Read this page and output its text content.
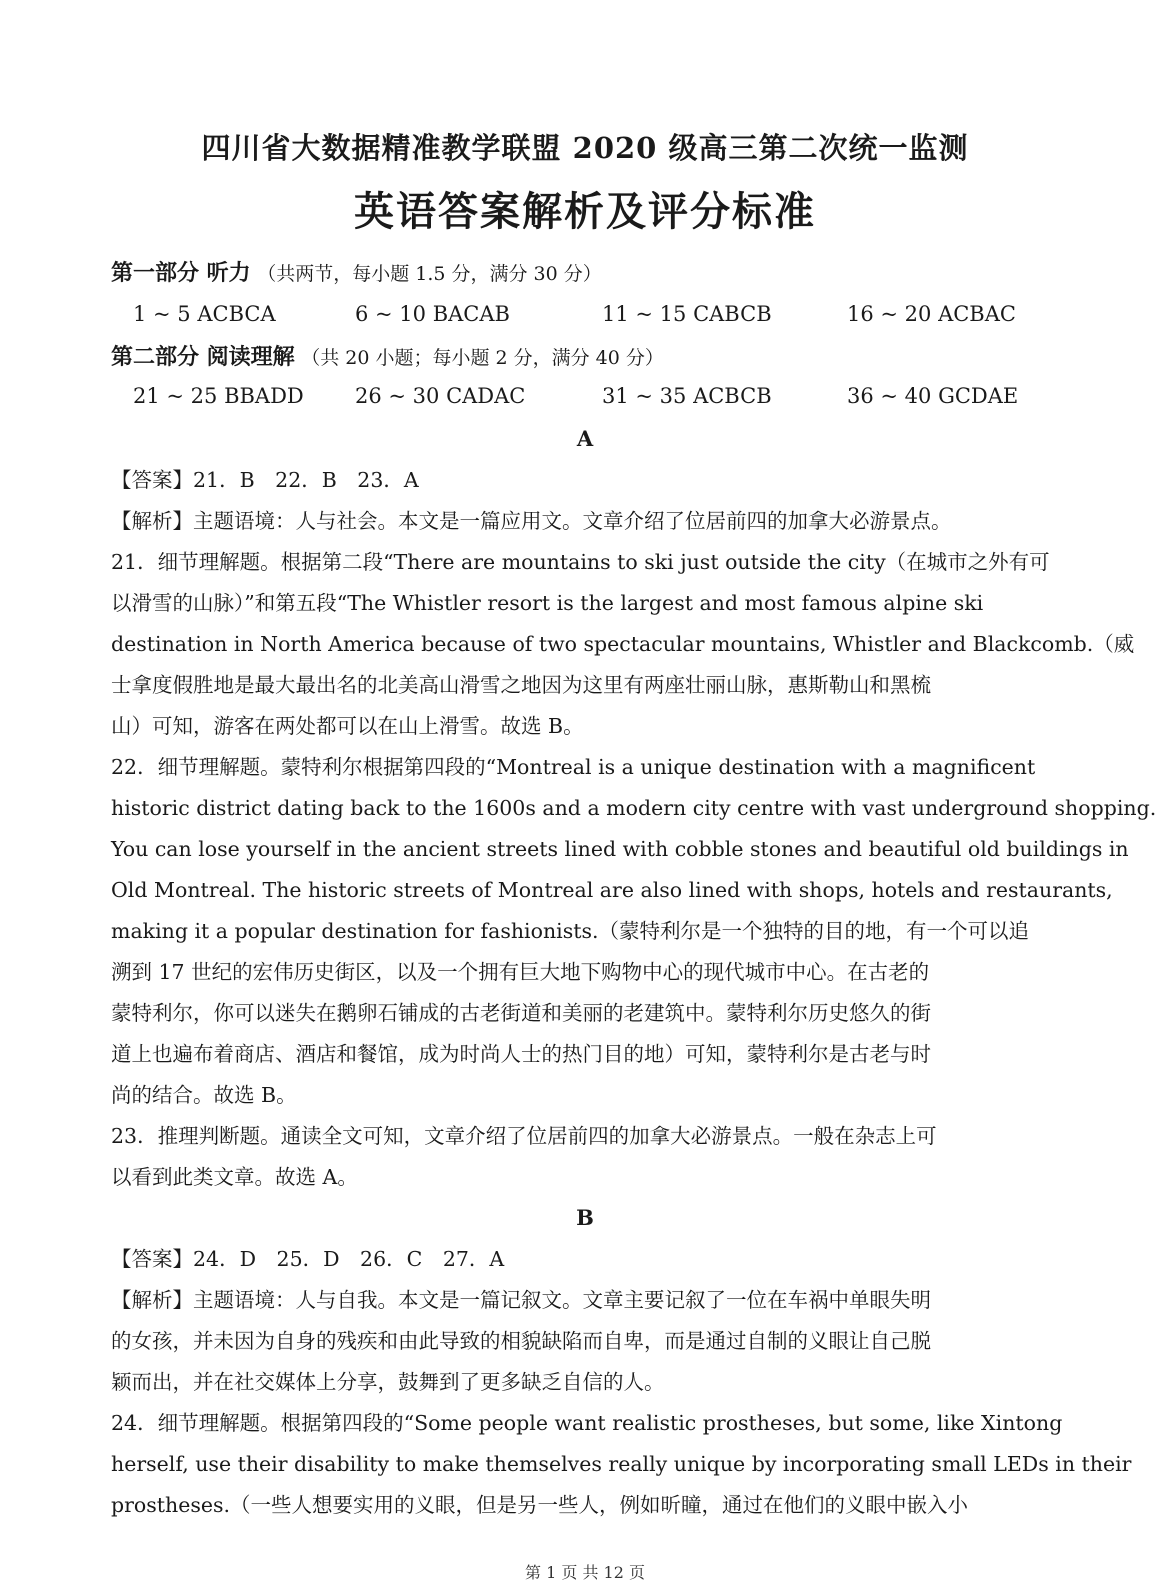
四川省大数据精准教学联盟 2020 级高三第二次统一监测
英语答案解析及评分标准
第一部分 听力 （共两节，每小题 1.5 分，满分 30 分）
1 ~ 5 ACBCA	6 ~ 10 BACAB	11 ~ 15 CABCB	16 ~ 20 ACBAC
第二部分 阅读理解 （共 20 小题；每小题 2 分，满分 40 分）
21 ~ 25 BBADD 26 ~ 30 CADAC	31 ~ 35 ACBCB	36 ~ 40 GCDAE
A
【答案】21．B　22．B　23．A
【解析】主题语境：人与社会。本文是一篇应用文。文章介绍了位居前四的加拿大必游景点。
21．细节理解题。根据第二段“There are mountains to ski just outside the city（在城市之外有可
以滑雪的山脉）”和第五段“The Whistler resort is the largest and most famous alpine ski
destination in North America because of two spectacular mountains, Whistler and Blackcomb.（威
士拿度假胜地是最大最出名的北美高山滑雪之地因为这里有两座壮丽山脉，惠斯勒山和黑梳
山）可知，游客在两处都可以在山上滑雪。故选 B。
22．细节理解题。蒙特利尔根据第四段的“Montreal is a unique destination with a magnificent
historic district dating back to the 1600s and a modern city centre with vast underground shopping.
You can lose yourself in the ancient streets lined with cobble stones and beautiful old buildings in
Old Montreal. The historic streets of Montreal are also lined with shops, hotels and restaurants,
making it a popular destination for fashionists.（蒙特利尔是一个独特的目的地，有一个可以追
溯到 17 世纪的宏伟历史街区，以及一个拥有巨大地下购物中心的现代城市中心。在古老的
蒙特利尔，你可以迷失在鹅卵石铺成的古老街道和美丽的老建筑中。蒙特利尔历史悠久的街
道上也遍布着商店、酒店和餐馆，成为时尚人士的热门目的地）可知，蒙特利尔是古老与时
尚的结合。故选 B。
23．推理判断题。通读全文可知，文章介绍了位居前四的加拿大必游景点。一般在杂志上可
以看到此类文章。故选 A。
B
【答案】24．D　25．D　26．C　27．A
【解析】主题语境：人与自我。本文是一篇记叙文。文章主要记叙了一位在车祸中单眼失明
的女孩，并未因为自身的残疾和由此导致的相貌缺陷而自卑，而是通过自制的义眼让自己脱
颖而出，并在社交媒体上分享，鼓舞到了更多缺乏自信的人。
24．细节理解题。根据第四段的“Some people want realistic prostheses, but some, like Xintong
herself, use their disability to make themselves really unique by incorporating small LEDs in their
prostheses.（一些人想要实用的义眼，但是另一些人，例如昕瞳，通过在他们的义眼中嵌入小
第 1 页 共 12 页
